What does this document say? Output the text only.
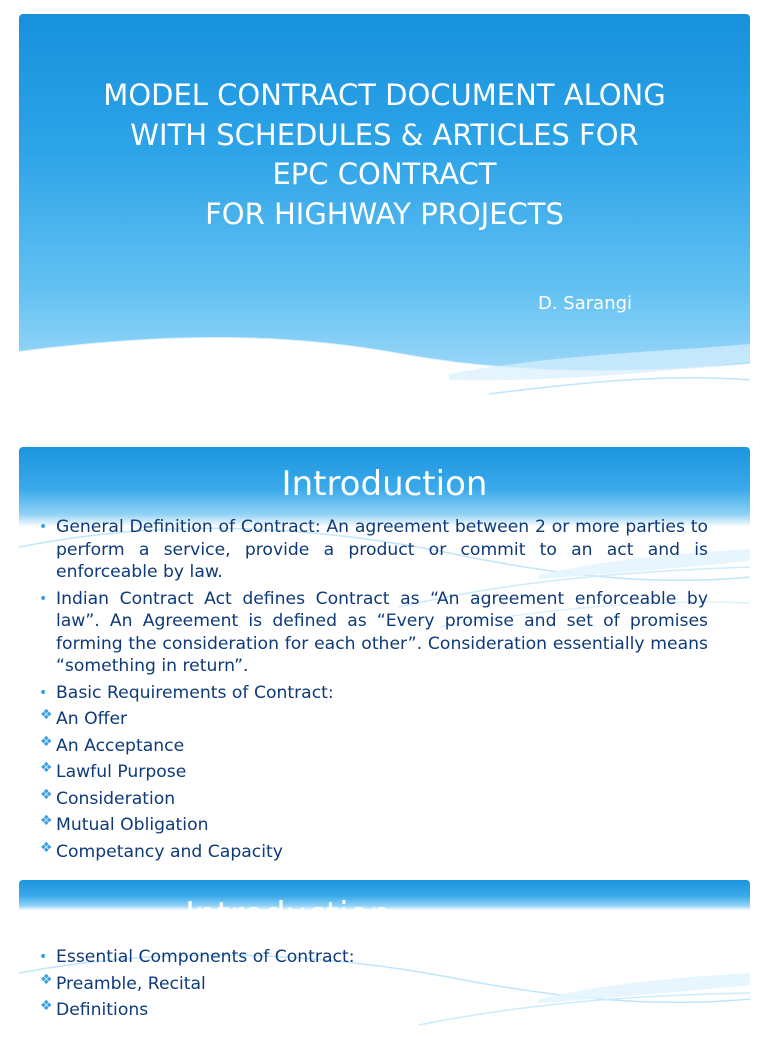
MODEL CONTRACT DOCUMENT ALONG
WITH SCHEDULES & ARTICLES FOR
EPC CONTRACT
FOR HIGHWAY PROJECTS
D. Sarangi
Introduction
• General Definition of Contract: An agreement between 2 or more parties to perform a service, provide a product or commit to an act and is enforceable by law.
• Indian Contract Act defines Contract as “An agreement enforceable by law”. An Agreement is defined as “Every promise and set of promises forming the consideration for each other”. Consideration essentially means “something in return”.
• Basic Requirements of Contract:
❖ An Offer
❖ An Acceptance
❖ Lawful Purpose
❖ Consideration
❖ Mutual Obligation
❖ Competancy and Capacity
Introduction	contd…
• Essential Components of Contract:
❖ Preamble, Recital
❖ Definitions
